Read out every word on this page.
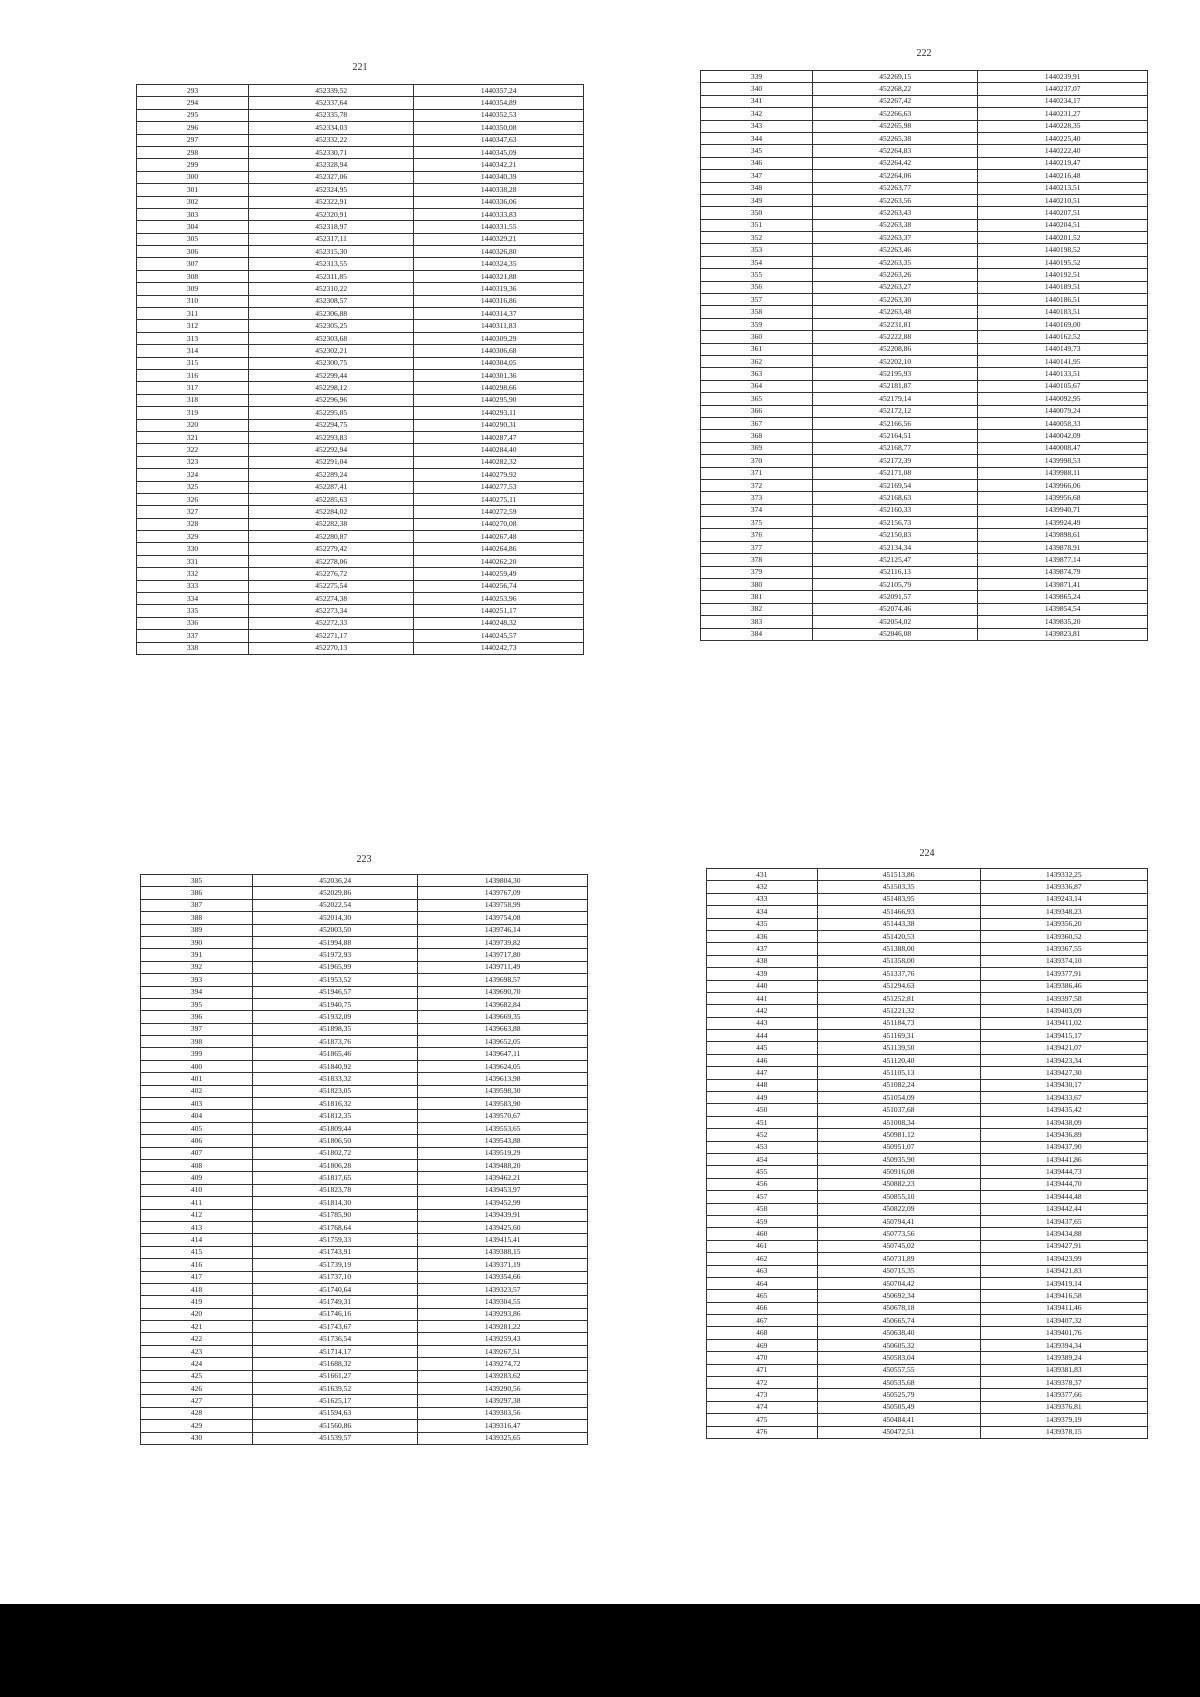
221
293	452339,52	1440357,24
294	452337,64	1440354,89
295	452335,78	1440352,53
296	452334,03	1440350,08
297	452332,22	1440347,63
298	452330,71	1440345,09
299	452328,94	1440342,21
300	452327,06	1440340,39
301	452324,95	1440338,28
302	452322,91	1440336,06
303	452320,91	1440333,83
304	452318,97	1440331,55
305	452317,11	1440329,21
306	452315,30	1440326,80
307	452313,55	1440324,35
308	452311,85	1440321,88
309	452310,22	1440319,36
310	452308,57	1440316,86
311	452306,88	1440314,37
312	452305,25	1440311,83
313	452303,68	1440309,29
314	452302,21	1440306,68
315	452300,75	1440304,05
316	452299,44	1440301,36
317	452298,12	1440298,66
318	452296,96	1440295,90
319	452295,85	1440293,11
320	452294,75	1440290,31
321	452293,83	1440287,47
322	452292,94	1440284,40
323	452291,04	1440282,32
324	452289,24	1440279,92
325	452287,41	1440277,53
326	452285,63	1440275,11
327	452284,02	1440272,59
328	452282,38	1440270,08
329	452280,87	1440267,48
330	452279,42	1440264,86
331	452278,06	1440262,20
332	452276,72	1440259,49
333	452275,54	1440256,74
334	452274,38	1440253,96
335	452273,34	1440251,17
336	452272,33	1440248,32
337	452271,17	1440245,57
338	452270,13	1440242,73
222
339	452269,15	1440239,91
340	452268,22	1440237,07
341	452267,42	1440234,17
342	452266,63	1440231,27
343	452265,98	1440228,35
344	452265,38	1440225,40
345	452264,83	1440222,40
346	452264,42	1440219,47
347	452264,06	1440216,48
348	452263,77	1440213,51
349	452263,56	1440210,51
350	452263,43	1440207,51
351	452263,38	1440204,51
352	452263,37	1440201,52
353	452263,46	1440198,52
354	452263,35	1440195,52
355	452263,26	1440192,51
356	452263,27	1440189,51
357	452263,30	1440186,51
358	452263,48	1440183,51
359	452231,81	1440169,00
360	452222,88	1440162,52
361	452208,86	1440149,73
362	452202,10	1440141,95
363	452195,93	1440133,51
364	452181,87	1440105,67
365	452179,14	1440092,95
366	452172,12	1440079,24
367	452166,56	1440058,33
368	452164,51	1440042,09
369	452168,77	1440008,47
370	452172,39	1439998,53
371	452171,08	1439988,11
372	452169,54	1439966,06
373	452168,63	1439956,68
374	452160,33	1439940,71
375	452156,73	1439924,49
376	452150,83	1439898,61
377	452134,34	1439878,91
378	452125,47	1439877,14
379	452116,13	1439874,79
380	452105,79	1439871,41
381	452091,57	1439865,24
382	452074,46	1439854,54
383	452054,02	1439835,20
384	452046,08	1439823,81
223
385	452036,24	1439804,30
386	452029,86	1439767,09
387	452022,54	1439758,99
388	452014,30	1439754,08
389	452003,50	1439746,14
390	451994,88	1439739,82
391	451972,93	1439717,80
392	451965,99	1439711,49
393	451953,52	1439698,57
394	451946,57	1439690,70
395	451940,75	1439682,84
396	451932,09	1439669,35
397	451898,35	1439663,88
398	451873,76	1439652,05
399	451865,46	1439647,11
400	451840,92	1439624,05
401	451833,32	1439613,98
402	451823,05	1439598,30
403	451816,32	1439583,90
404	451812,35	1439570,67
405	451809,44	1439553,65
406	451806,50	1439543,88
407	451802,72	1439519,29
408	451806,28	1439488,20
409	451817,65	1439462,21
410	451823,78	1439453,97
411	451814,30	1439452,99
412	451785,90	1439439,91
413	451768,64	1439425,60
414	451759,33	1439415,41
415	451743,91	1439388,15
416	451739,19	1439371,19
417	451737,10	1439354,66
418	451740,64	1439323,57
419	451749,31	1439304,55
420	451746,16	1439293,86
421	451743,67	1439281,22
422	451736,54	1439259,43
423	451714,17	1439267,51
424	451688,32	1439274,72
425	451661,27	1439283,62
426	451639,52	1439290,56
427	451625,17	1439297,38
428	451594,63	1439303,56
429	451560,86	1439316,47
430	451539,57	1439325,65
224
431	451513,86	1439332,25
432	451503,35	1439336,87
433	451483,95	1439243,14
434	451466,93	1439348,23
435	451443,38	1439356,20
436	451420,53	1439360,52
437	451388,00	1439367,55
438	451358,00	1439374,10
439	451337,76	1439377,91
440	451294,63	1439386,46
441	451252,81	1439397,58
442	451221,32	1439403,09
443	451184,73	1439411,02
444	451169,31	1439415,17
445	451139,50	1439421,07
446	451120,40	1439423,34
447	451105,13	1439427,30
448	451082,24	1439430,17
449	451054,09	1439433,67
450	451037,68	1439435,42
451	451008,34	1439438,09
452	450981,12	1439436,89
453	450951,07	1439437,90
454	450935,90	1439441,86
455	450916,08	1439444,73
456	450882,23	1439444,70
457	450855,10	1439444,48
458	450822,09	1439442,44
459	450794,41	1439437,65
460	450773,56	1439434,88
461	450745,02	1439427,91
462	450731,89	1439423,99
463	450715,35	1439421,83
464	450704,42	1439419,14
465	450692,34	1439416,58
466	450678,18	1439411,46
467	450665,74	1439407,32
468	450638,40	1439401,76
469	450605,32	1439394,34
470	450583,04	1439389,24
471	450557,55	1439381,83
472	450535,68	1439378,37
473	450525,79	1439377,66
474	450505,49	1439376,81
475	450484,41	1439379,19
476	450472,51	1439378,15
